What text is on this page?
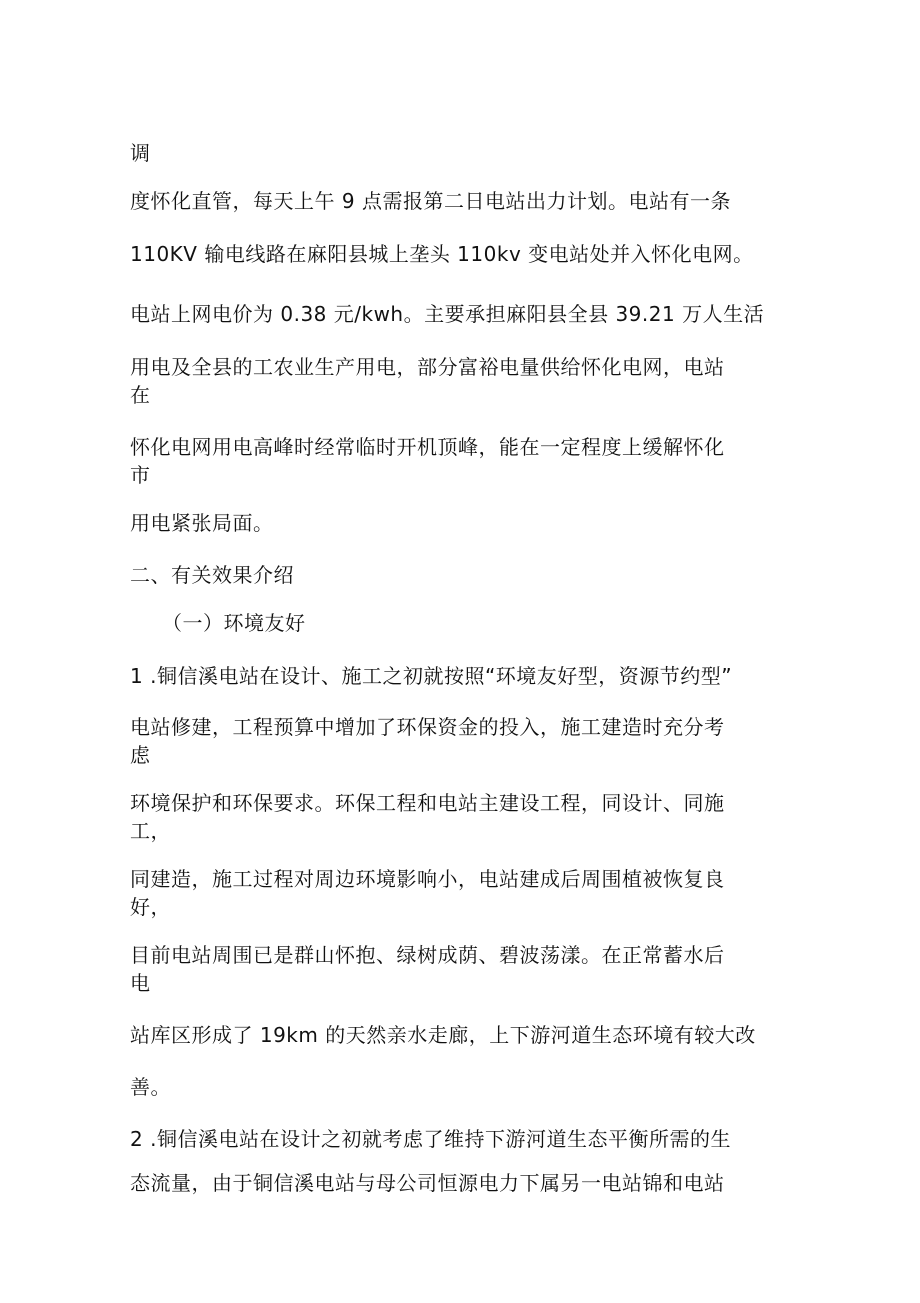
调
度怀化直管，每天上午 9 点需报第二日电站出力计划。电站有一条
110KV 输电线路在麻阳县城上垄头 110kv 变电站处并入怀化电网。
电站上网电价为 0.38 元/kwh。主要承担麻阳县全县 39.21 万人生活
用电及全县的工农业生产用电，部分富裕电量供给怀化电网，电站
在
怀化电网用电高峰时经常临时开机顶峰，能在一定程度上缓解怀化
市
用电紧张局面。
二、有关效果介绍
（一）环境友好
1 .铜信溪电站在设计、施工之初就按照“环境友好型，资源节约型”
电站修建，工程预算中增加了环保资金的投入，施工建造时充分考
虑
环境保护和环保要求。环保工程和电站主建设工程，同设计、同施
工，
同建造，施工过程对周边环境影响小，电站建成后周围植被恢复良
好，
目前电站周围已是群山怀抱、绿树成荫、碧波荡漾。在正常蓄水后
电
站库区形成了 19km 的天然亲水走廊，上下游河道生态环境有较大改
善。
2 .铜信溪电站在设计之初就考虑了维持下游河道生态平衡所需的生
态流量，由于铜信溪电站与母公司恒源电力下属另一电站锦和电站
